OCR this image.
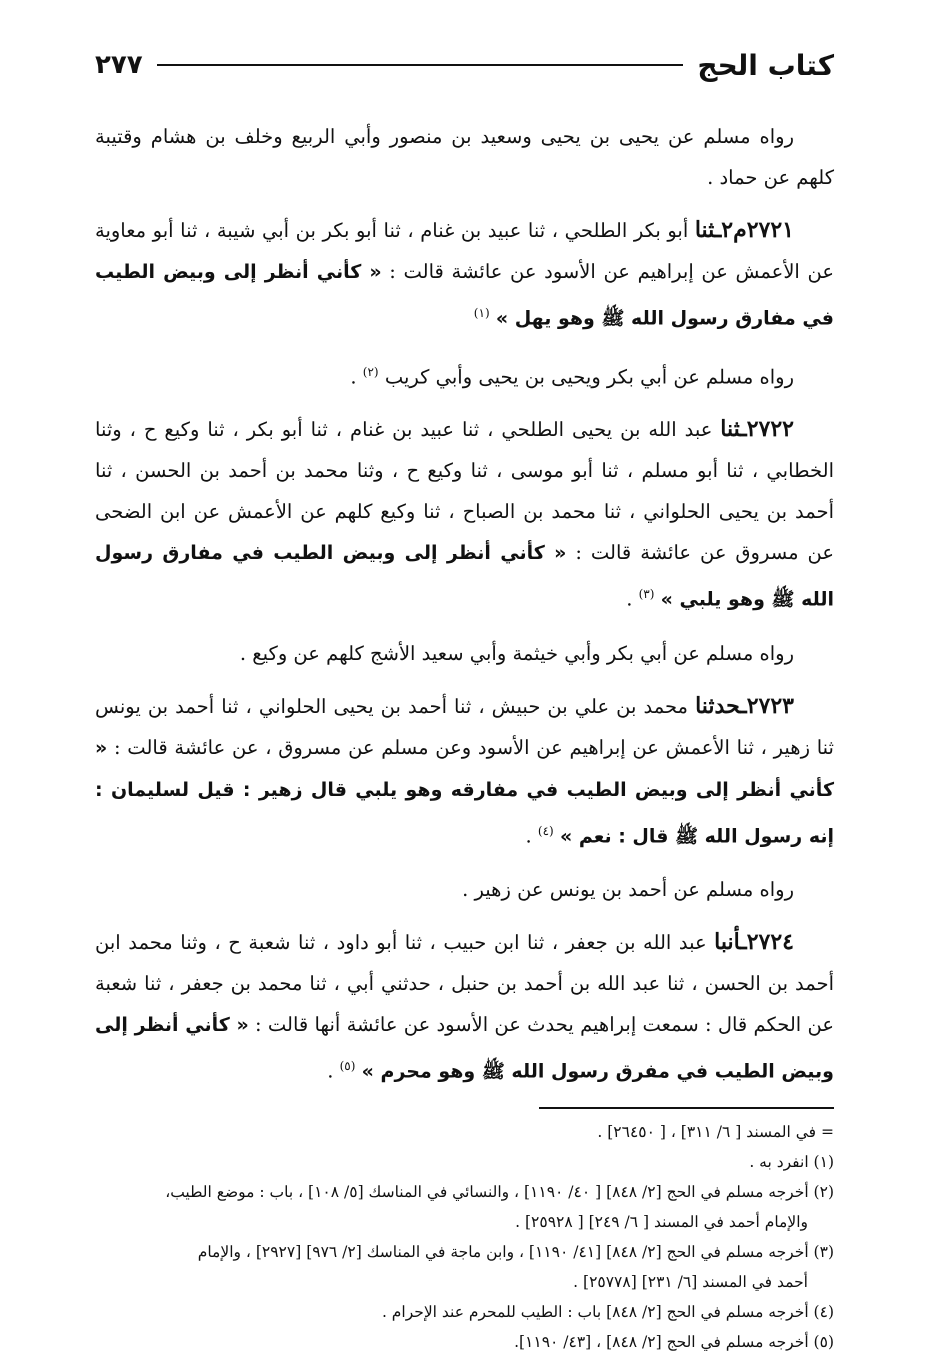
كتاب الحج
٢٧٧

رواه مسلم عن يحيى بن يحيى وسعيد بن منصور وأبي الربيع وخلف بن هشام وقتيبة كلهم عن حماد .

٢٧٢١م٢ـثنا أبو بكر الطلحي ، ثنا عبيد بن غنام ، ثنا أبو بكر بن أبي شيبة ، ثنا أبو معاوية عن الأعمش عن إبراهيم عن الأسود عن عائشة قالت : « كأني أنظر إلى وبيض الطيب في مفارق رسول الله ﷺ وهو يهل » $^{(١)}$

رواه مسلم عن أبي بكر ويحيى بن يحيى وأبي كريب $^{(٢)}$ .

٢٧٢٢ـثنا عبد الله بن يحيى الطلحي ، ثنا عبيد بن غنام ، ثنا أبو بكر ، ثنا وكيع ح ، وثنا الخطابي ، ثنا أبو مسلم ، ثنا أبو موسى ، ثنا وكيع ح ، وثنا محمد بن أحمد بن الحسن ، ثنا أحمد بن يحيى الحلواني ، ثنا محمد بن الصباح ، ثنا وكيع كلهم عن الأعمش عن ابن الضحى عن مسروق عن عائشة قالت : « كأني أنظر إلى وبيض الطيب في مفارق رسول الله ﷺ وهو يلبي » $^{(٣)}$ .

رواه مسلم عن أبي بكر وأبي خيثمة وأبي سعيد الأشج كلهم عن وكيع .

٢٧٢٣ـحدثنا محمد بن علي بن حبيش ، ثنا أحمد بن يحيى الحلواني ، ثنا أحمد بن يونس ثنا زهير ، ثنا الأعمش عن إبراهيم عن الأسود وعن مسلم عن مسروق ، عن عائشة قالت : « كأني أنظر إلى وبيض الطيب في مفارقه وهو يلبي قال زهير : قيل لسليمان : إنه رسول الله ﷺ قال : نعم » $^{(٤)}$ .

رواه مسلم عن أحمد بن يونس عن زهير .

٢٧٢٤ـأنبا عبد الله بن جعفر ، ثنا ابن حبيب ، ثنا أبو داود ، ثنا شعبة ح ، وثنا محمد ابن أحمد بن الحسن ، ثنا عبد الله بن أحمد بن حنبل ، حدثني أبي ، ثنا محمد بن جعفر ، ثنا شعبة عن الحكم قال : سمعت إبراهيم يحدث عن الأسود عن عائشة أنها قالت : « كأني أنظر إلى وبيض الطيب في مفرق رسول الله ﷺ وهو محرم » $^{(٥)}$ .

= في المسند [ ٦/ ٣١١] ، [ ٢٦٤٥٠] .

(١) انفرد به .

(٢) أخرجه مسلم في الحج [٢/ ٨٤٨] [ ٤٠/ ١١٩٠] ، والنسائي في المناسك [٥/ ١٠٨] ، باب : موضع الطيب،

والإمام أحمد في المسند [ ٦/ ٢٤٩] [ ٢٥٩٢٨] .

(٣) أخرجه مسلم في الحج [٢/ ٨٤٨] [٤١/ ١١٩٠] ، وابن ماجة في المناسك [٢/ ٩٧٦] [٢٩٢٧] ، والإمام

أحمد في المسند [٦/ ٢٣١] [٢٥٧٧٨] .

(٤) أخرجه مسلم في الحج [٢/ ٨٤٨] باب : الطيب للمحرم عند الإحرام .

(٥) أخرجه مسلم في الحج [٢/ ٨٤٨] ، [٤٣/ ١١٩٠].
